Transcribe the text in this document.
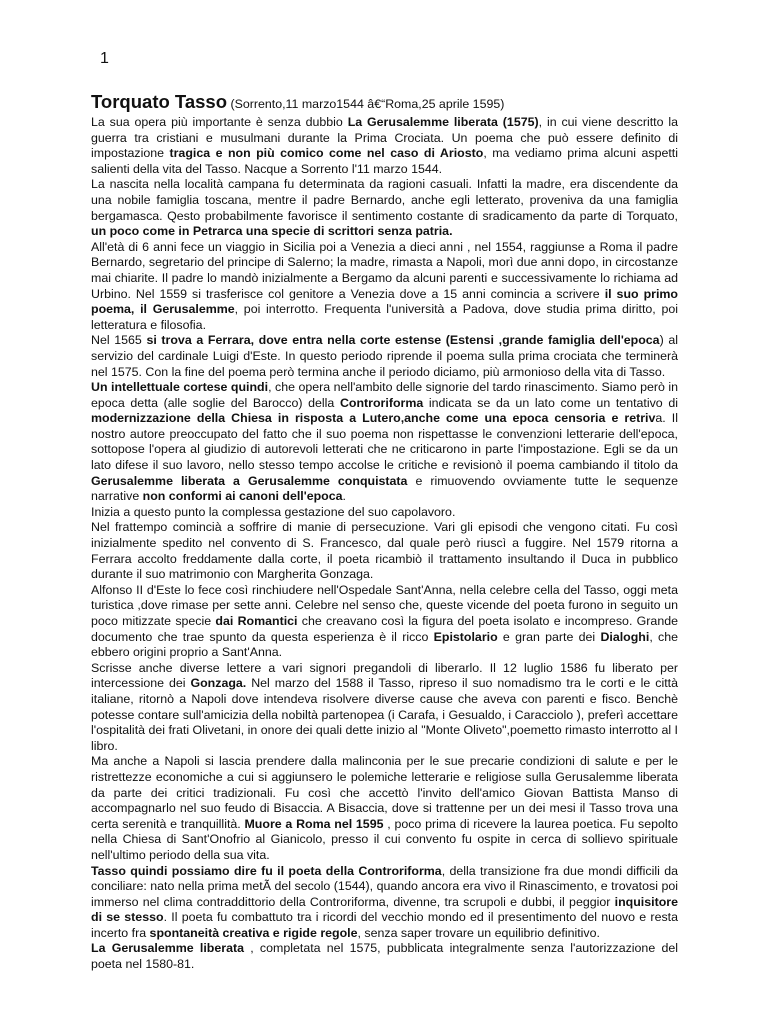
1

Torquato Tasso (Sorrento,11 marzo1544 â€“Roma,25 aprile 1595)

La sua opera più importante è senza dubbio La Gerusalemme liberata (1575), in cui viene descritto la guerra tra cristiani e musulmani durante la Prima Crociata. Un poema che può essere definito di impostazione tragica e non più comico come nel caso di Ariosto, ma vediamo prima alcuni aspetti salienti della vita del Tasso. Nacque a Sorrento l'11 marzo 1544.

La nascita nella località campana fu determinata da ragioni casuali. Infatti la madre, era discendente da una nobile famiglia toscana, mentre il padre Bernardo, anche egli letterato, proveniva da una famiglia bergamasca. Qesto probabilmente favorisce il sentimento costante di sradicamento da parte di Torquato, un poco come in Petrarca una specie di scrittori senza patria.

All'età di 6 anni fece un viaggio in Sicilia poi a Venezia a dieci anni , nel 1554, raggiunse a Roma il padre Bernardo, segretario del principe di Salerno; la madre, rimasta a Napoli, morì due anni dopo, in circostanze mai chiarite. Il padre lo mandò inizialmente a Bergamo da alcuni parenti e successivamente lo richiama ad Urbino. Nel 1559 si trasferisce col genitore a Venezia dove a 15 anni comincia a scrivere il suo primo poema, il Gerusalemme, poi interrotto. Frequenta l'università a Padova, dove studia prima diritto, poi letteratura e filosofia.

Nel 1565 si trova a Ferrara, dove entra nella corte estense (Estensi ,grande famiglia dell'epoca) al servizio del cardinale Luigi d'Este. In questo periodo riprende il poema sulla prima crociata che terminerà nel 1575. Con la fine del poema però termina anche il periodo diciamo, più armonioso della vita di Tasso.

Un intellettuale cortese quindi, che opera nell'ambito delle signorie del tardo rinascimento. Siamo però in epoca detta (alle soglie del Barocco) della Controriforma indicata se da un lato come un tentativo di modernizzazione della Chiesa in risposta a Lutero,anche come una epoca censoria e retriva. Il nostro autore preoccupato del fatto che il suo poema non rispettasse le convenzioni letterarie dell'epoca, sottopose l'opera al giudizio di autorevoli letterati che ne criticarono in parte l'impostazione. Egli se da un lato difese il suo lavoro, nello stesso tempo accolse le critiche e revisionò il poema cambiando il titolo da Gerusalemme liberata a Gerusalemme conquistata e rimuovendo ovviamente tutte le sequenze narrative non conformi ai canoni dell'epoca.

Inizia a questo punto la complessa gestazione del suo capolavoro.

Nel frattempo comincià a soffrire di manie di persecuzione. Vari gli episodi che vengono citati. Fu così inizialmente spedito nel convento di S. Francesco, dal quale però riuscì a fuggire. Nel 1579 ritorna a Ferrara accolto freddamente dalla corte, il poeta ricambiò il trattamento insultando il Duca in pubblico durante il suo matrimonio con Margherita Gonzaga.

Alfonso II d'Este lo fece così rinchiudere nell'Ospedale Sant'Anna, nella celebre cella del Tasso, oggi meta turistica ,dove rimase per sette anni. Celebre nel senso che, queste vicende del poeta furono in seguito un poco mitizzate specie dai Romantici che creavano così la figura del poeta isolato e incompreso. Grande documento che trae spunto da questa esperienza è il ricco Epistolario e gran parte dei Dialoghi, che ebbero origini proprio a Sant'Anna.

Scrisse anche diverse lettere a vari signori pregandoli di liberarlo. Il 12 luglio 1586 fu liberato per intercessione dei Gonzaga. Nel marzo del 1588 il Tasso, ripreso il suo nomadismo tra le corti e le città italiane, ritornò a Napoli dove intendeva risolvere diverse cause che aveva con parenti e fisco. Benchè potesse contare sull'amicizia della nobiltà partenopea (i Carafa, i Gesualdo, i Caracciolo ), preferì accettare l'ospitalità dei frati Olivetani, in onore dei quali dette inizio al "Monte Oliveto",poemetto rimasto interrotto al I libro.

Ma anche a Napoli si lascia prendere dalla malinconia per le sue precarie condizioni di salute e per le ristrettezze economiche a cui si aggiunsero le polemiche letterarie e religiose sulla Gerusalemme liberata da parte dei critici tradizionali. Fu così che accettò l'invito dell'amico Giovan Battista Manso di accompagnarlo nel suo feudo di Bisaccia. A Bisaccia, dove si trattenne per un dei mesi il Tasso trova una certa serenità e tranquillità. Muore a Roma nel 1595 , poco prima di ricevere la laurea poetica. Fu sepolto nella Chiesa di Sant'Onofrio al Gianicolo, presso il cui convento fu ospite in cerca di sollievo spirituale nell'ultimo periodo della sua vita.

Tasso quindi possiamo dire fu il poeta della Controriforma, della transizione fra due mondi difficili da conciliare: nato nella prima metÃ del secolo (1544), quando ancora era vivo il Rinascimento, e trovatosi poi immerso nel clima contraddittorio della Controriforma, divenne, tra scrupoli e dubbi, il peggior inquisitore di se stesso. Il poeta fu combattuto tra i ricordi del vecchio mondo ed il presentimento del nuovo e resta incerto fra spontaneità creativa e rigide regole, senza saper trovare un equilibrio definitivo.

La Gerusalemme liberata , completata nel 1575, pubblicata integralmente senza l'autorizzazione del poeta nel 1580-81.
